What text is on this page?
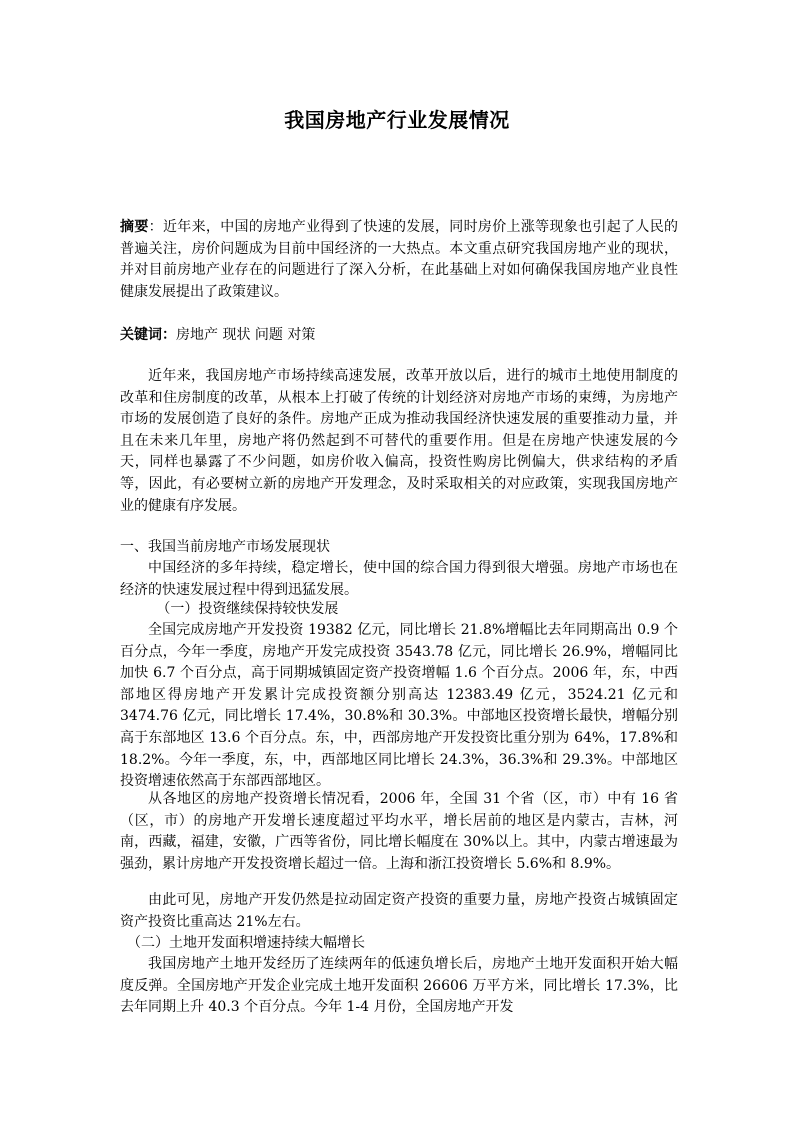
我国房地产行业发展情况

摘要：近年来，中国的房地产业得到了快速的发展，同时房价上涨等现象也引起了人民的普遍关注，房价问题成为目前中国经济的一大热点。本文重点研究我国房地产业的现状，并对目前房地产业存在的问题进行了深入分析，在此基础上对如何确保我国房地产业良性健康发展提出了政策建议。

关键词：房地产 现状 问题 对策

近年来，我国房地产市场持续高速发展，改革开放以后，进行的城市土地使用制度的改革和住房制度的改革，从根本上打破了传统的计划经济对房地产市场的束缚，为房地产市场的发展创造了良好的条件。房地产正成为推动我国经济快速发展的重要推动力量，并且在未来几年里，房地产将仍然起到不可替代的重要作用。但是在房地产快速发展的今天，同样也暴露了不少问题，如房价收入偏高，投资性购房比例偏大，供求结构的矛盾等，因此，有必要树立新的房地产开发理念，及时采取相关的对应政策，实现我国房地产业的健康有序发展。

一、我国当前房地产市场发展现状

中国经济的多年持续，稳定增长，使中国的综合国力得到很大增强。房地产市场也在经济的快速发展过程中得到迅猛发展。

（一）投资继续保持较快发展

全国完成房地产开发投资 19382 亿元，同比增长 21.8%增幅比去年同期高出 0.9 个百分点，今年一季度，房地产开发完成投资 3543.78 亿元，同比增长 26.9%，增幅同比加快 6.7 个百分点，高于同期城镇固定资产投资增幅 1.6 个百分点。2006 年，东，中西部地区得房地产开发累计完成投资额分别高达 12383.49 亿元，3524.21 亿元和 3474.76 亿元，同比增长 17.4%，30.8%和 30.3%。中部地区投资增长最快，增幅分别高于东部地区 13.6 个百分点。东，中，西部房地产开发投资比重分别为 64%，17.8%和 18.2%。今年一季度，东，中，西部地区同比增长 24.3%，36.3%和 29.3%。中部地区投资增速依然高于东部西部地区。

从各地区的房地产投资增长情况看，2006 年，全国 31 个省（区，市）中有 16 省（区，市）的房地产开发增长速度超过平均水平，增长居前的地区是内蒙古，吉林，河南，西藏，福建，安徽，广西等省份，同比增长幅度在 30%以上。其中，内蒙古增速最为强劲，累计房地产开发投资增长超过一倍。上海和浙江投资增长 5.6%和 8.9%。

由此可见，房地产开发仍然是拉动固定资产投资的重要力量，房地产投资占城镇固定资产投资比重高达 21%左右。

（二）土地开发面积增速持续大幅增长

我国房地产土地开发经历了连续两年的低速负增长后，房地产土地开发面积开始大幅度反弹。全国房地产开发企业完成土地开发面积 26606 万平方米，同比增长 17.3%，比去年同期上升 40.3 个百分点。今年 1-4 月份，全国房地产开发
